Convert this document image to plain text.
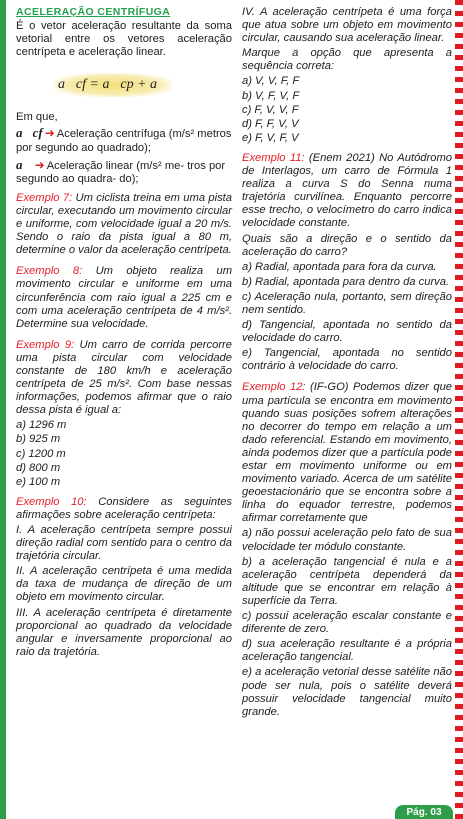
ACELERAÇÃO CENTRÍFUGA

É o vetor aceleração resultante da soma vetorial entre os vetores aceleração centrípeta e aceleração linear.

a⃗cf = a⃗cp + a⃗

Em que,

a⃗cf ➜ Aceleração centrífuga (m/s² metros por segundo ao quadrado);
a⃗ ➜ Aceleração linear (m/s² me- tros por segundo ao quadra- do);

Exemplo 7: Um ciclista treina em uma pista circular, executando um movimento circular e uniforme, com velocidade igual a 20 m/s. Sendo o raio da pista igual a 80 m, determine o valor da aceleração centrípeta.

Exemplo 8: Um objeto realiza um movimento circular e uniforme em uma circunferência com raio igual a 225 cm e com uma aceleração centrípeta de 4 m/s². Determine sua velocidade.

Exemplo 9: Um carro de corrida percorre uma pista circular com velocidade constante de 180 km/h e aceleração centrípeta de 25 m/s². Com base nessas informações, podemos afirmar que o raio dessa pista é igual a:

a) 1296 m

b) 925 m

c) 1200 m

d) 800 m

e) 100 m

Exemplo 10: Considere as seguintes afirmações sobre aceleração centrípeta:

I. A aceleração centrípeta sempre possui direção radial com sentido para o centro da trajetória circular.

II. A aceleração centrípeta é uma medida da taxa de mudança de direção de um objeto em movimento circular.

III. A aceleração centrípeta é diretamente proporcional ao quadrado da velocidade angular e inversamente proporcional ao raio da trajetória.

IV. A aceleração centrípeta é uma força que atua sobre um objeto em movimento circular, causando sua aceleração linear.

Marque a opção que apresenta a sequência correta:

a) V, V, F, F

b) V, F, V, F

c) F, V, V, F

d) F, F, V, V

e) F, V, F, V

Exemplo 11: (Enem 2021) No Autódromo de Interlagos, um carro de Fórmula 1 realiza a curva S do Senna numa trajetória curvilínea. Enquanto percorre esse trecho, o velocímetro do carro indica velocidade constante.

Quais são a direção e o sentido da aceleração do carro?

a) Radial, apontada para fora da curva.

b) Radial, apontada para dentro da curva.

c) Aceleração nula, portanto, sem direção nem sentido.

d) Tangencial, apontada no sentido da velocidade do carro.

e) Tangencial, apontada no sentido contrário à velocidade do carro.

Exemplo 12: (IF-GO) Podemos dizer que uma partícula se encontra em movimento quando suas posições sofrem alterações no decorrer do tempo em relação a um dado referencial. Estando em movimento, ainda podemos dizer que a partícula pode estar em movimento uniforme ou em movimento variado. Acerca de um satélite geoestacionário que se encontra sobre a linha do equador terrestre, podemos afirmar corretamente que

a) não possui aceleração pelo fato de sua velocidade ter módulo constante.

b) a aceleração tangencial é nula e a aceleração centrípeta dependerá da altitude que se encontrar em relação à superfície da Terra.

c) possui aceleração escalar constante e diferente de zero.

d) sua aceleração resultante é a própria aceleração tangencial.

e) a aceleração vetorial desse satélite não pode ser nula, pois o satélite deverá possuir velocidade tangencial muito grande.

Pág. 03
